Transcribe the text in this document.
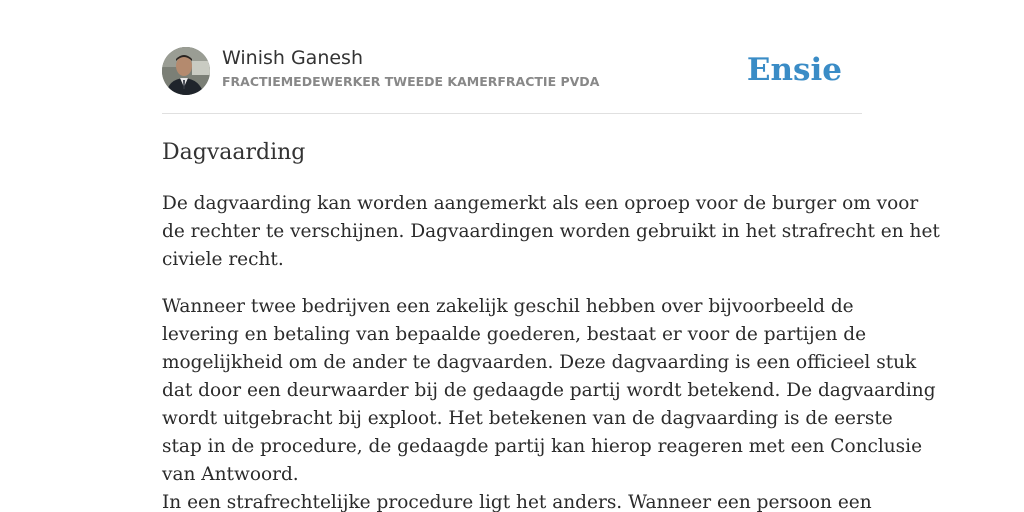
Winish Ganesh
FRACTIEMEDEWERKER TWEEDE KAMERFRACTIE PVDA	Ensie
Dagvaarding

De dagvaarding kan worden aangemerkt als een oproep voor de burger om voor
de rechter te verschijnen. Dagvaardingen worden gebruikt in het strafrecht en het
civiele recht.

Wanneer twee bedrijven een zakelijk geschil hebben over bijvoorbeeld de
levering en betaling van bepaalde goederen, bestaat er voor de partijen de
mogelijkheid om de ander te dagvaarden. Deze dagvaarding is een officieel stuk
dat door een deurwaarder bij de gedaagde partij wordt betekend. De dagvaarding
wordt uitgebracht bij exploot. Het betekenen van de dagvaarding is de eerste
stap in de procedure, de gedaagde partij kan hierop reageren met een Conclusie
van Antwoord.
In een strafrechtelijke procedure ligt het anders. Wanneer een persoon een
